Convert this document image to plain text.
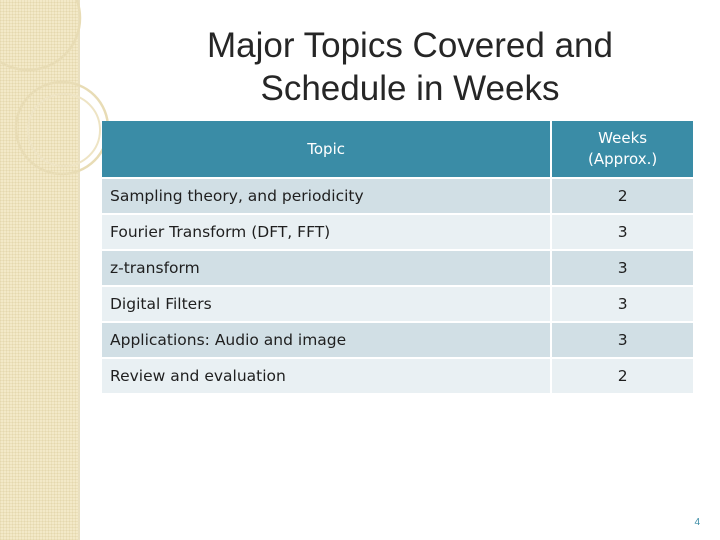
Major Topics Covered and
Schedule in Weeks
Topic	Weeks
(Approx.)

Sampling theory, and periodicity	2
Fourier Transform (DFT, FFT)	3
z-transform	3
Digital Filters	3
Applications: Audio and image	3
Review and evaluation	2
4
